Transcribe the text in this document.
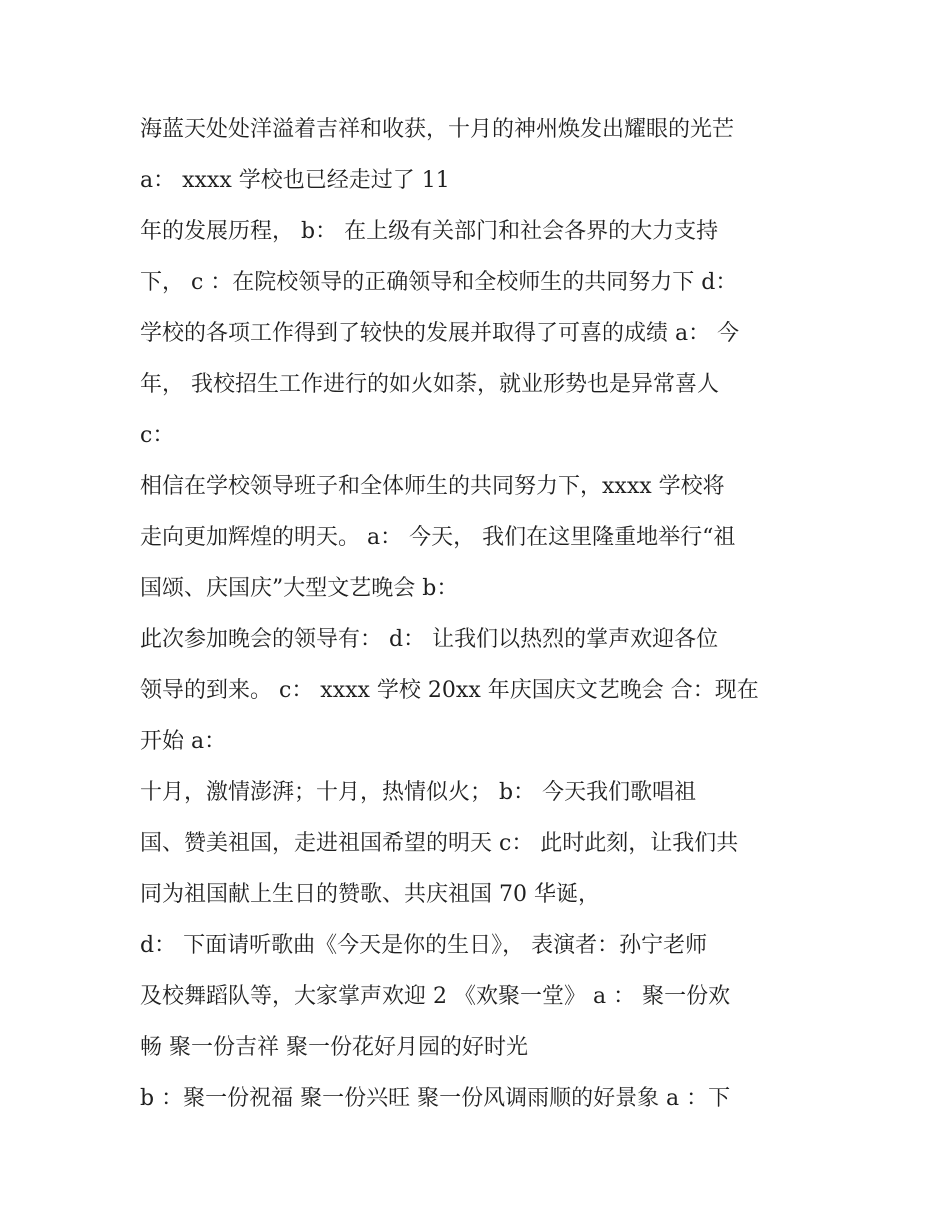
海蓝天处处洋溢着吉祥和收获，十月的神州焕发出耀眼的光芒
a： xxxx 学校也已经走过了 11
年的发展历程， b： 在上级有关部门和社会各界的大力支持
下， c ：在院校领导的正确领导和全校师生的共同努力下 d：
学校的各项工作得到了较快的发展并取得了可喜的成绩 a： 今
年， 我校招生工作进行的如火如荼，就业形势也是异常喜人
c：
相信在学校领导班子和全体师生的共同努力下，xxxx 学校将
走向更加辉煌的明天。 a： 今天， 我们在这里隆重地举行“祖
国颂、庆国庆”大型文艺晚会 b：
此次参加晚会的领导有： d： 让我们以热烈的掌声欢迎各位
领导的到来。 c： xxxx 学校 20xx 年庆国庆文艺晚会 合：现在
开始 a：
十月，激情澎湃；十月，热情似火； b： 今天我们歌唱祖
国、赞美祖国，走进祖国希望的明天 c： 此时此刻，让我们共
同为祖国献上生日的赞歌、共庆祖国 70 华诞，
d： 下面请听歌曲《今天是你的生日》， 表演者：孙宁老师
及校舞蹈队等，大家掌声欢迎 2 《欢聚一堂》 a ： 聚一份欢
畅 聚一份吉祥 聚一份花好月园的好时光
b ：聚一份祝福 聚一份兴旺 聚一份风调雨顺的好景象 a ：下
